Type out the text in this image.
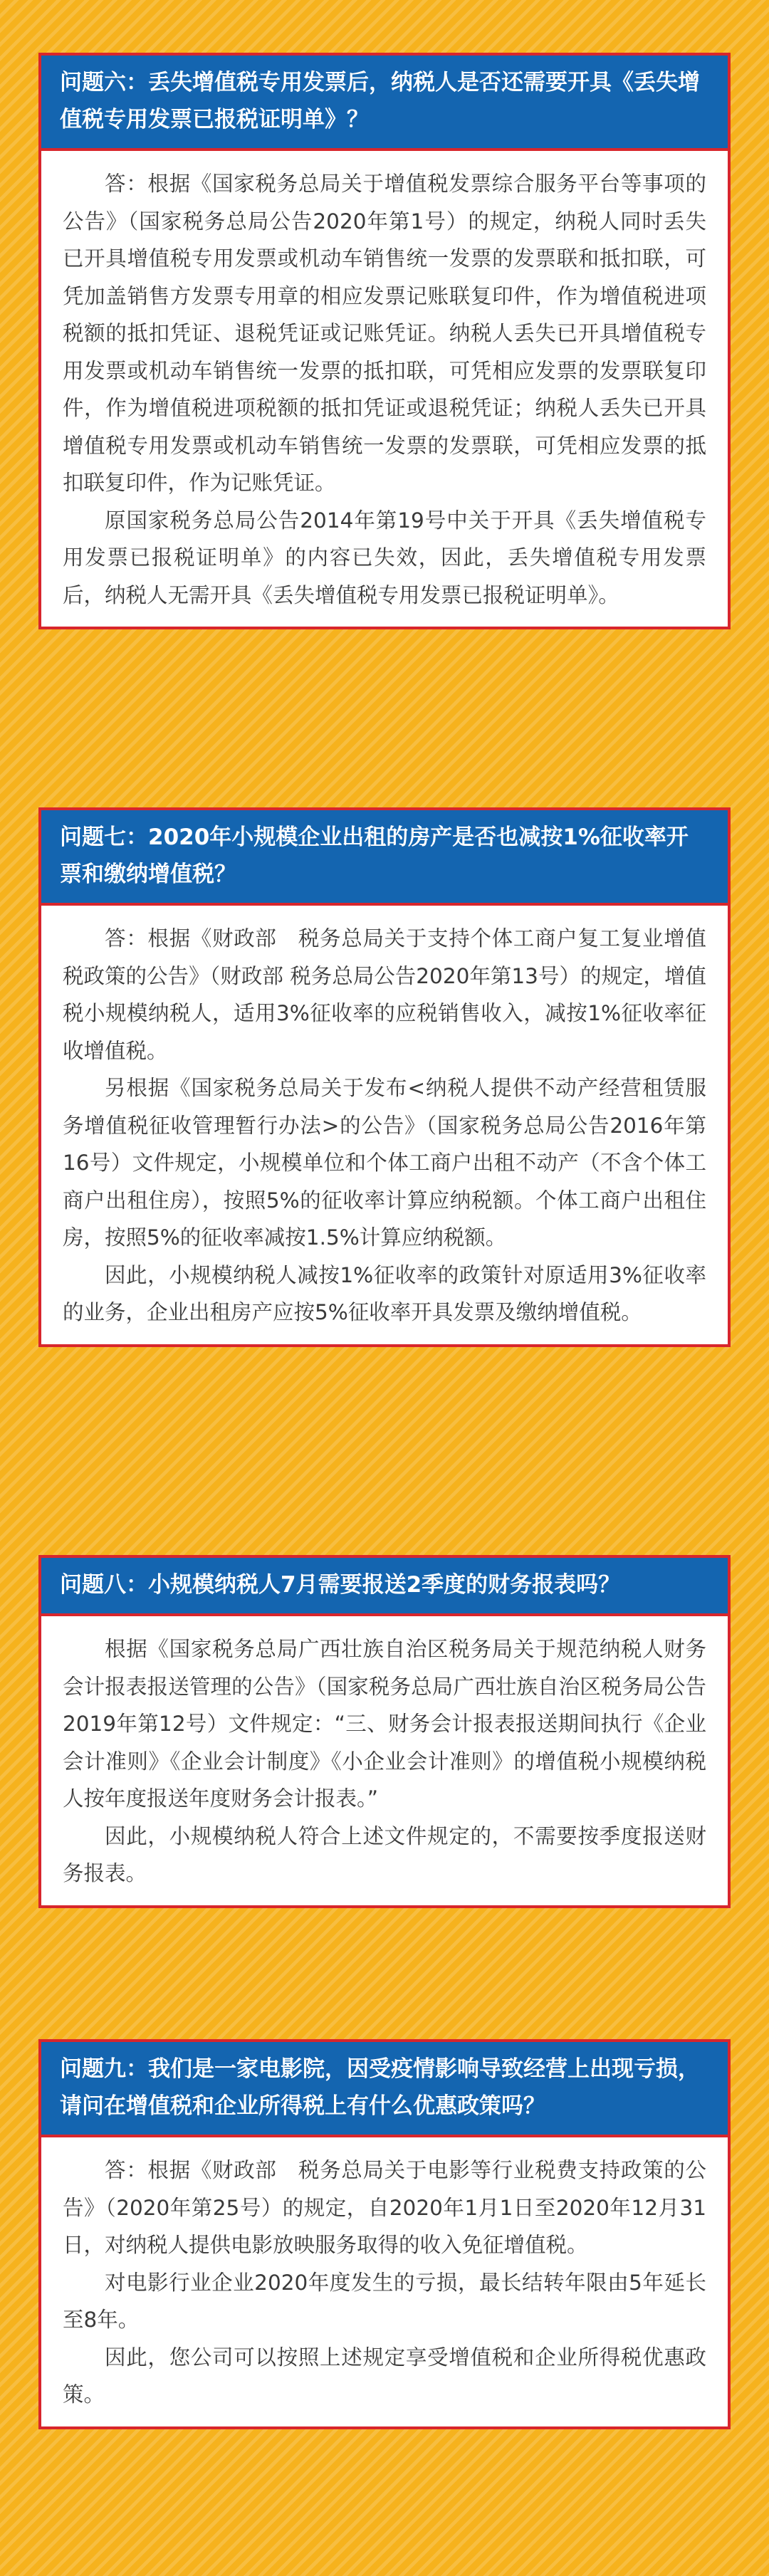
问题六：丢失增值税专用发票后，纳税人是否还需要开具《丢失增值税专用发票已报税证明单》？

答：根据《国家税务总局关于增值税发票综合服务平台等事项的公告》（国家税务总局公告2020年第1号）的规定，纳税人同时丢失已开具增值税专用发票或机动车销售统一发票的发票联和抵扣联，可凭加盖销售方发票专用章的相应发票记账联复印件，作为增值税进项税额的抵扣凭证、退税凭证或记账凭证。纳税人丢失已开具增值税专用发票或机动车销售统一发票的抵扣联，可凭相应发票的发票联复印件，作为增值税进项税额的抵扣凭证或退税凭证；纳税人丢失已开具增值税专用发票或机动车销售统一发票的发票联，可凭相应发票的抵扣联复印件，作为记账凭证。

原国家税务总局公告2014年第19号中关于开具《丢失增值税专用发票已报税证明单》的内容已失效，因此，丢失增值税专用发票后，纳税人无需开具《丢失增值税专用发票已报税证明单》。

问题七：2020年小规模企业出租的房产是否也减按1%征收率开票和缴纳增值税？

答：根据《财政部　税务总局关于支持个体工商户复工复业增值税政策的公告》（财政部 税务总局公告2020年第13号）的规定，增值税小规模纳税人，适用3%征收率的应税销售收入，减按1%征收率征收增值税。

另根据《国家税务总局关于发布<纳税人提供不动产经营租赁服务增值税征收管理暂行办法>的公告》（国家税务总局公告2016年第16号）文件规定，小规模单位和个体工商户出租不动产（不含个体工商户出租住房），按照5%的征收率计算应纳税额。个体工商户出租住房，按照5%的征收率减按1.5%计算应纳税额。

因此，小规模纳税人减按1%征收率的政策针对原适用3%征收率的业务，企业出租房产应按5%征收率开具发票及缴纳增值税。

问题八：小规模纳税人7月需要报送2季度的财务报表吗？

根据《国家税务总局广西壮族自治区税务局关于规范纳税人财务会计报表报送管理的公告》（国家税务总局广西壮族自治区税务局公告2019年第12号）文件规定：“三、财务会计报表报送期间执行《企业会计准则》《企业会计制度》《小企业会计准则》的增值税小规模纳税人按年度报送年度财务会计报表。”

因此，小规模纳税人符合上述文件规定的，不需要按季度报送财务报表。

问题九：我们是一家电影院，因受疫情影响导致经营上出现亏损，请问在增值税和企业所得税上有什么优惠政策吗？

答：根据《财政部　税务总局关于电影等行业税费支持政策的公告》（2020年第25号）的规定，自2020年1月1日至2020年12月31日，对纳税人提供电影放映服务取得的收入免征增值税。

对电影行业企业2020年度发生的亏损，最长结转年限由5年延长至8年。

因此，您公司可以按照上述规定享受增值税和企业所得税优惠政策。
